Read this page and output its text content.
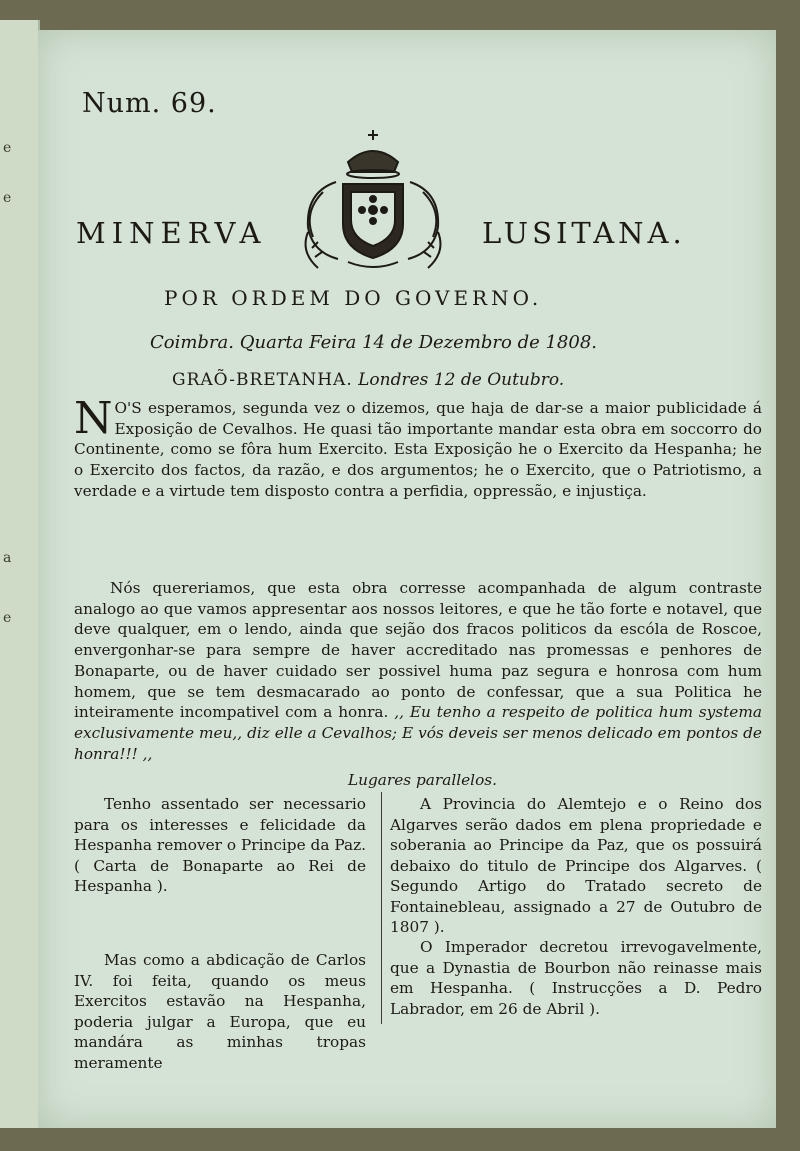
e
e
a
e
Num. 69.
MINERVA	LUSITANA.
POR ORDEM DO GOVERNO.
Coimbra. Quarta Feira 14 de Dezembro de 1808.
GRAÕ-BRETANHA. Londres 12 de Outubro.
N O'S esperamos, segunda vez o dizemos, que haja de dar-se a maior publicidade á Exposição de Cevalhos. He quasi tão importante mandar esta obra em soccorro do Continente, como se fôra hum Exercito. Esta Exposição he o Exercito da Hespanha; he o Exercito dos factos, da razão, e dos argumentos; he o Exercito, que o Patriotismo, a verdade e a virtude tem disposto contra a perfidia, oppressão, e injustiça.
Nós quereriamos, que esta obra corresse acompanhada de algum contraste analogo ao que vamos appresentar aos nossos leitores, e que he tão forte e notavel, que deve qualquer, em o lendo, ainda que sejão dos fracos politicos da escóla de Roscoe, envergonhar-se para sempre de haver accreditado nas promessas e penhores de Bonaparte, ou de haver cuidado ser possivel huma paz segura e honrosa com hum homem, que se tem desmacarado ao ponto de confessar, que a sua Politica he inteiramente incompativel com a honra. ,, Eu tenho a respeito de politica hum systema exclusivamente meu,, diz elle a Cevalhos; E vós deveis ser menos delicado em pontos de honra!!! ,,
Lugares parallelos.
Tenho assentado ser necessario para os interesses e felicidade da Hespanha remover o Principe da Paz. ( Carta de Bonaparte ao Rei de Hespanha ).
Mas como a abdicação de Carlos IV. foi feita, quando os meus Exercitos estavão na Hespanha, poderia julgar a Europa, que eu mandára as minhas tropas meramente
A Provincia do Alemtejo e o Reino dos Algarves serão dados em plena propriedade e soberania ao Principe da Paz, que os possuirá debaixo do titulo de Principe dos Algarves. ( Segundo Artigo do Tratado secreto de Fontainebleau, assignado a 27 de Outubro de 1807 ).
O Imperador decretou irrevogavelmente, que a Dynastia de Bourbon não reinasse mais em Hespanha. ( Instrucções a D. Pedro Labrador, em 26 de Abril ).
